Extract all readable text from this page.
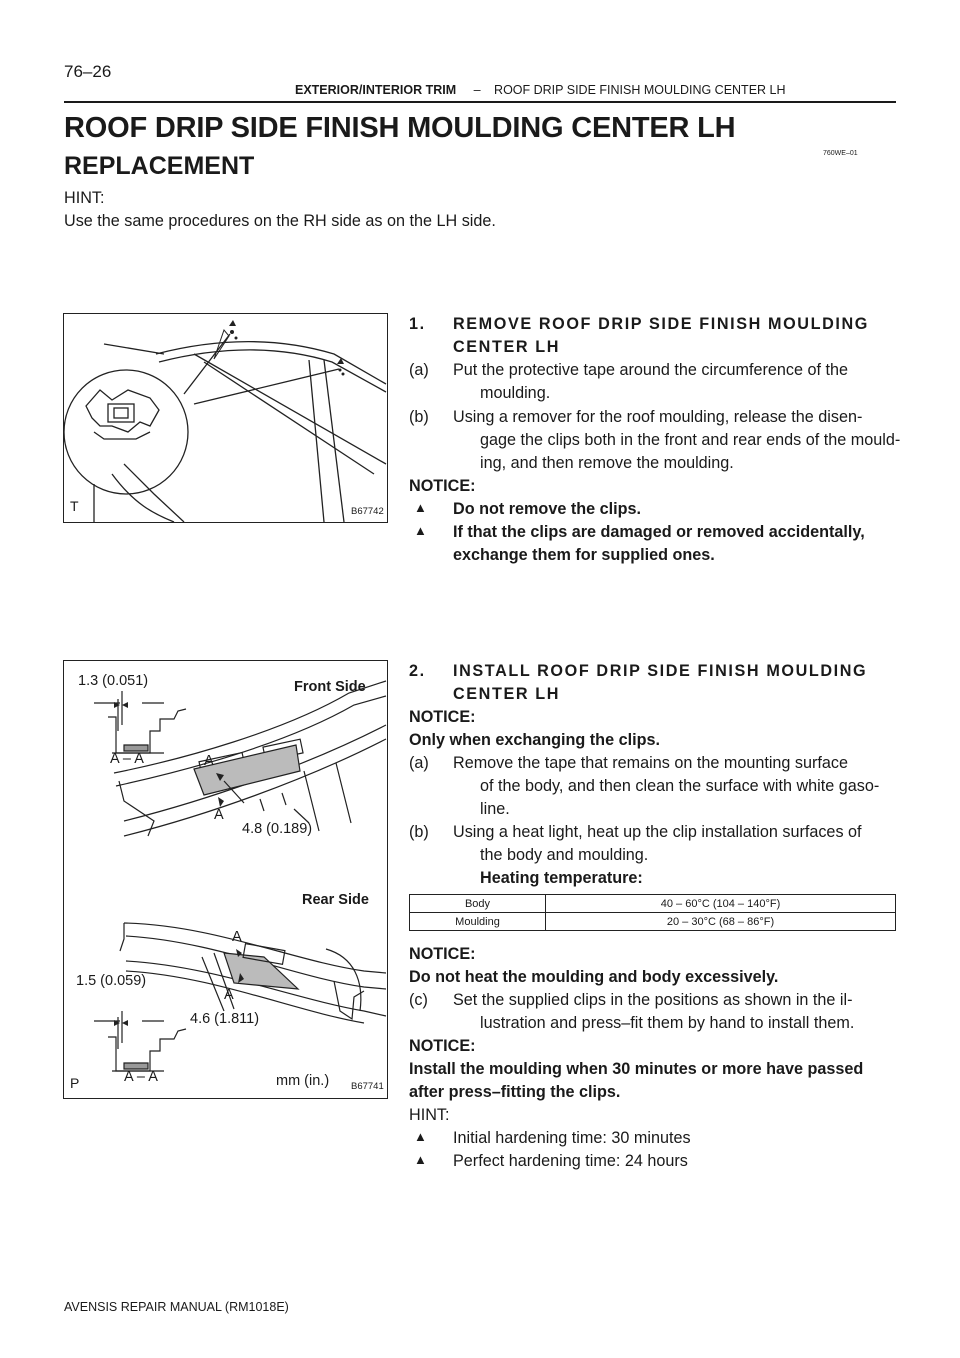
76–26
EXTERIOR/INTERIOR TRIM – ROOF DRIP SIDE FINISH MOULDING CENTER LH
ROOF DRIP SIDE FINISH MOULDING CENTER LH
REPLACEMENT	760WE–01
HINT:
Use the same procedures on the RH side as on the LH side.
T	B67742
1.3 (0.051)	Front Side
A – A	A
A
4.8 (0.189)
Rear Side
A
1.5 (0.059)
A
4.6 (1.811)
A – A
P	mm (in.) B67741
1. REMOVE ROOF DRIP SIDE FINISH MOULDING
CENTER LH
(a) Put the protective tape around the circumference of the
moulding.
(b) Using a remover for the roof moulding, release the disen-
gage the clips both in the front and rear ends of the mould-
ing, and then remove the moulding.
NOTICE:
▲ Do not remove the clips.
▲ If that the clips are damaged or removed accidentally,
exchange them for supplied ones.
2. INSTALL ROOF DRIP SIDE FINISH MOULDING
CENTER LH
NOTICE:
Only when exchanging the clips.
(a) Remove the tape that remains on the mounting surface
of the body, and then clean the surface with white gaso-
line.
(b) Using a heat light, heat up the clip installation surfaces of
the body and moulding.
Heating temperature:
Body	40 – 60°C (104 – 140°F)
Moulding	20 – 30°C (68 – 86°F)
NOTICE:
Do not heat the moulding and body excessively.
(c) Set the supplied clips in the positions as shown in the il-
lustration and press–fit them by hand to install them.
NOTICE:
Install the moulding when 30 minutes or more have passed
after press–fitting the clips.
HINT:
▲ Initial hardening time: 30 minutes
▲ Perfect hardening time: 24 hours
AVENSIS REPAIR MANUAL (RM1018E)
